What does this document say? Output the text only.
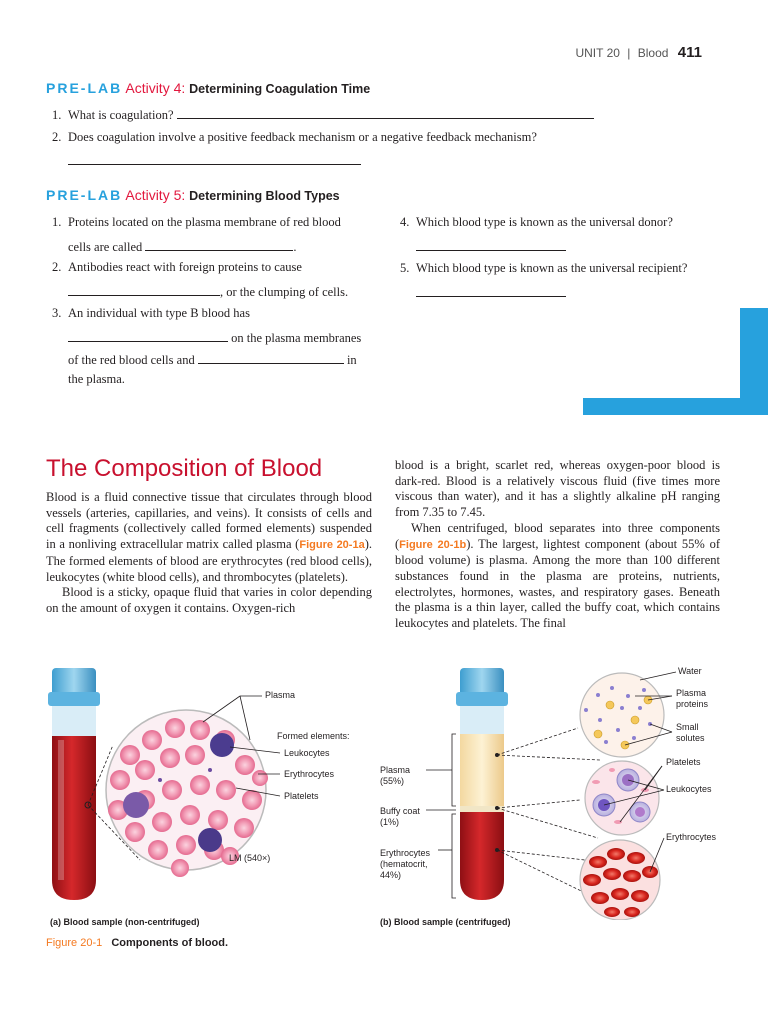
UNIT 20 | Blood 411
PRE-LAB Activity 4: Determining Coagulation Time
1. What is coagulation?
2. Does coagulation involve a positive feedback mechanism or a negative feedback mechanism?
PRE-LAB Activity 5: Determining Blood Types
1. Proteins located on the plasma membrane of red blood
cells are called	.
2. Antibodies react with foreign proteins to cause
, or the clumping of cells.
3. An individual with type B blood has
on the plasma membranes
of the red blood cells and	in
the plasma.
4. Which blood type is known as the universal donor?
5. Which blood type is known as the universal recipient?
The Composition of Blood
Blood is a fluid connective tissue that circulates through blood vessels (arteries, capillaries, and veins). It consists of cells and cell fragments (collectively called formed elements) suspended in a nonliving extracellular matrix called plasma (Figure 20-1a). The formed elements of blood are erythrocytes (red blood cells), leukocytes (white blood cells), and thrombocytes (platelets).
Blood is a sticky, opaque fluid that varies in color depending on the amount of oxygen it contains. Oxygen-rich
blood is a bright, scarlet red, whereas oxygen-poor blood is dark-red. Blood is a relatively viscous fluid (five times more viscous than water), and it has a slightly alkaline pH ranging from 7.35 to 7.45.
When centrifuged, blood separates into three components (Figure 20-1b). The largest, lightest component (about 55% of blood volume) is plasma. Among the more than 100 different substances found in the plasma are proteins, nutrients, electrolytes, hormones, wastes, and respiratory gases. Beneath the plasma is a thin layer, called the buffy coat, which contains leukocytes and platelets. The final
Plasma
Formed elements:
Leukocytes
Erythrocytes
Platelets
LM (540×)
Plasma
(55%)
Buffy coat
(1%)
Erythrocytes
(hematocrit,
44%)
Water
Plasma
proteins
Small
solutes
Platelets
Leukocytes
Erythrocytes
(a) Blood sample (non-centrifuged)	(b) Blood sample (centrifuged)
Figure 20-1 Components of blood.
